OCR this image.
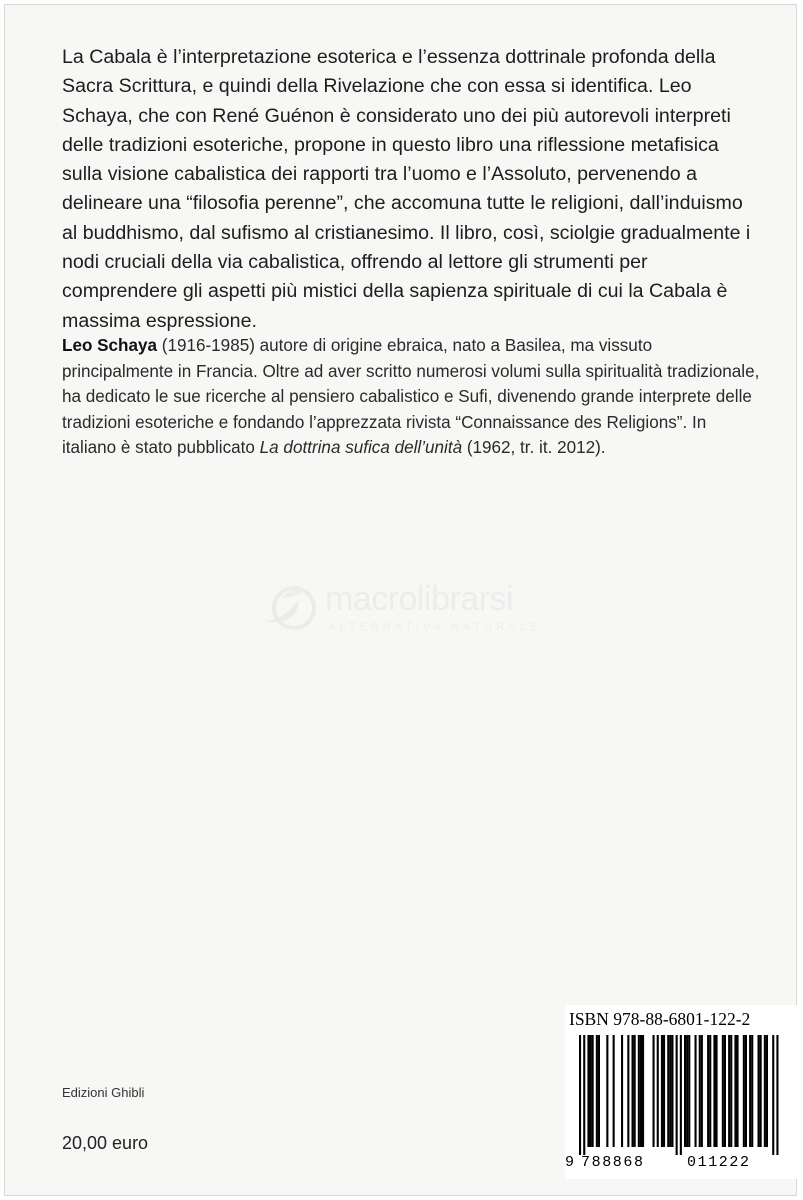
La Cabala è l’interpretazione esoterica e l’essenza dottrinale profonda della Sacra Scrittura, e quindi della Rivelazione che con essa si identifica. Leo Schaya, che con René Guénon è considerato uno dei più autorevoli interpreti delle tradizioni esoteriche, propone in questo libro una riflessione metafisica sulla visione cabalistica dei rapporti tra l’uomo e l’Assoluto, pervenendo a delineare una “filosofia perenne”, che accomuna tutte le religioni, dall’induismo al buddhismo, dal sufismo al cristianesimo. Il libro, così, sciolgie gradualmente i nodi cruciali della via cabalistica, offrendo al lettore gli strumenti per comprendere gli aspetti più mistici della sapienza spirituale di cui la Cabala è massima espressione.

Leo Schaya (1916-1985) autore di origine ebraica, nato a Basilea, ma vissuto principalmente in Francia. Oltre ad aver scritto numerosi volumi sulla spiritualità tradizionale, ha dedicato le sue ricerche al pensiero cabalistico e Sufi, divenendo grande interprete delle tradizioni esoteriche e fondando l’apprezzata rivista “Connaissance des Religions”. In italiano è stato pubblicato La dottrina sufica dell’unità (1962, tr. it. 2012).

macrolibrarsi
ALTERNATIVA NATURALE
Edizioni Ghibli
20,00 euro
ISBN 978-88-6801-122-2
9 788868	011222
